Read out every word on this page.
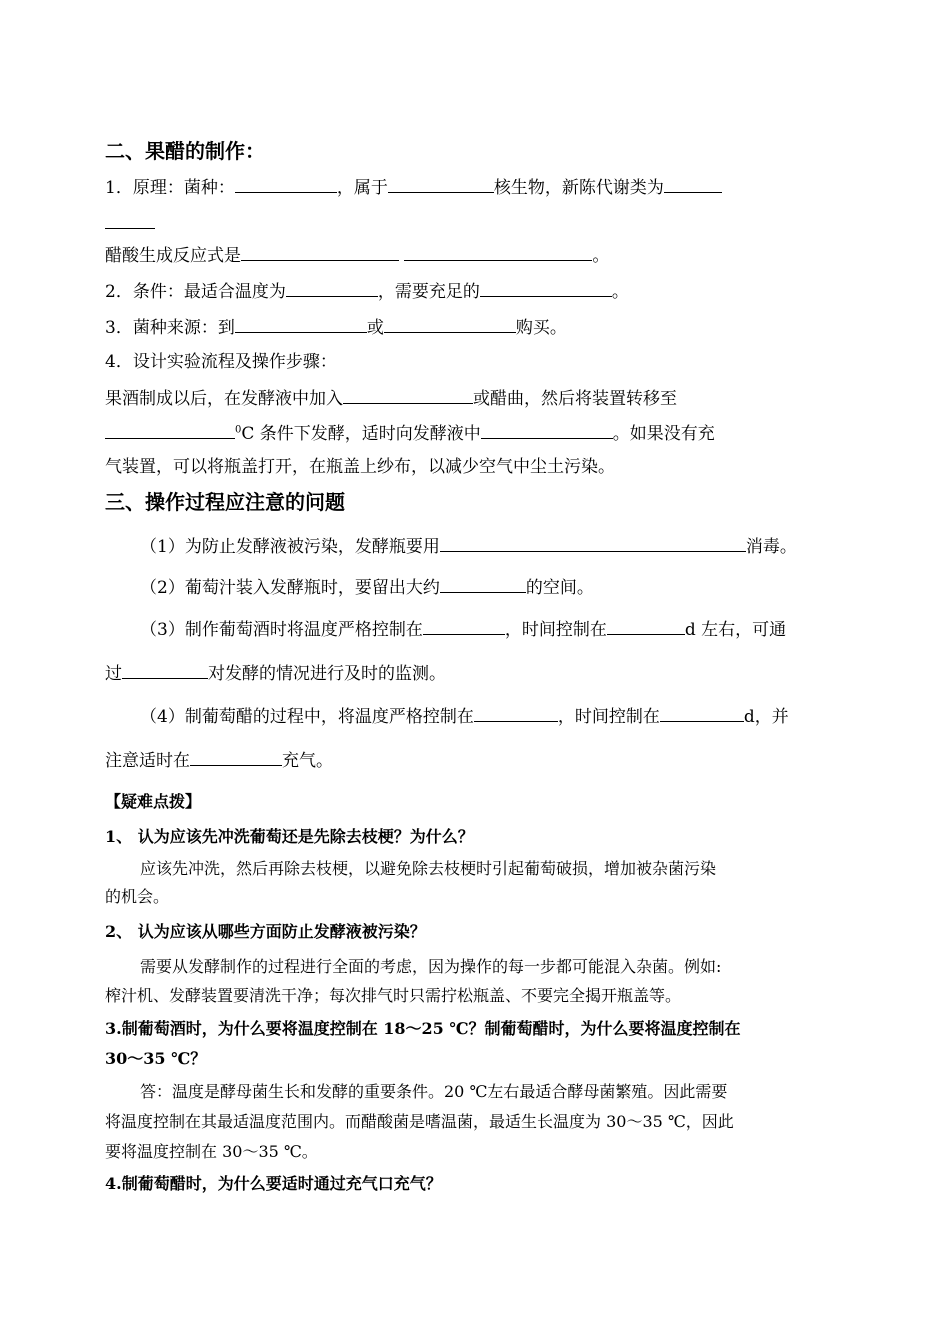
二、果醋的制作：
1．原理：菌种：	，属于	核生物，新陈代谢类为
醋酸生成反应式是	。
2．条件：最适合温度为	，需要充足的	。
3．菌种来源：到	或	购买。
4．设计实验流程及操作步骤：
果酒制成以后，在发酵液中加入	或醋曲，然后将装置转移至
$^0$C 条件下发酵，适时向发酵液中	。如果没有充
气装置，可以将瓶盖打开，在瓶盖上纱布，以减少空气中尘土污染。
三、操作过程应注意的问题
（1）为防止发酵液被污染，发酵瓶要用	消毒。
（2）葡萄汁装入发酵瓶时，要留出大约	的空间。
（3）制作葡萄酒时将温度严格控制在	，时间控制在	d 左右，可通
过	对发酵的情况进行及时的监测。
（4）制葡萄醋的过程中，将温度严格控制在	，时间控制在	d，并
注意适时在	充气。
【疑难点拨】
1、 认为应该先冲洗葡萄还是先除去枝梗？为什么？
应该先冲洗，然后再除去枝梗，以避免除去枝梗时引起葡萄破损，增加被杂菌污染
的机会。
2、 认为应该从哪些方面防止发酵液被污染？
需要从发酵制作的过程进行全面的考虑，因为操作的每一步都可能混入杂菌。例如:
榨汁机、发酵装置要清洗干净；每次排气时只需拧松瓶盖、不要完全揭开瓶盖等。
3.制葡萄酒时，为什么要将温度控制在 18～25 ℃？制葡萄醋时，为什么要将温度控制在
30～35 ℃？
答：温度是酵母菌生长和发酵的重要条件。20 ℃左右最适合酵母菌繁殖。因此需要
将温度控制在其最适温度范围内。而醋酸菌是嗜温菌，最适生长温度为 30～35 ℃，因此
要将温度控制在 30～35 ℃。
4.制葡萄醋时，为什么要适时通过充气口充气？
